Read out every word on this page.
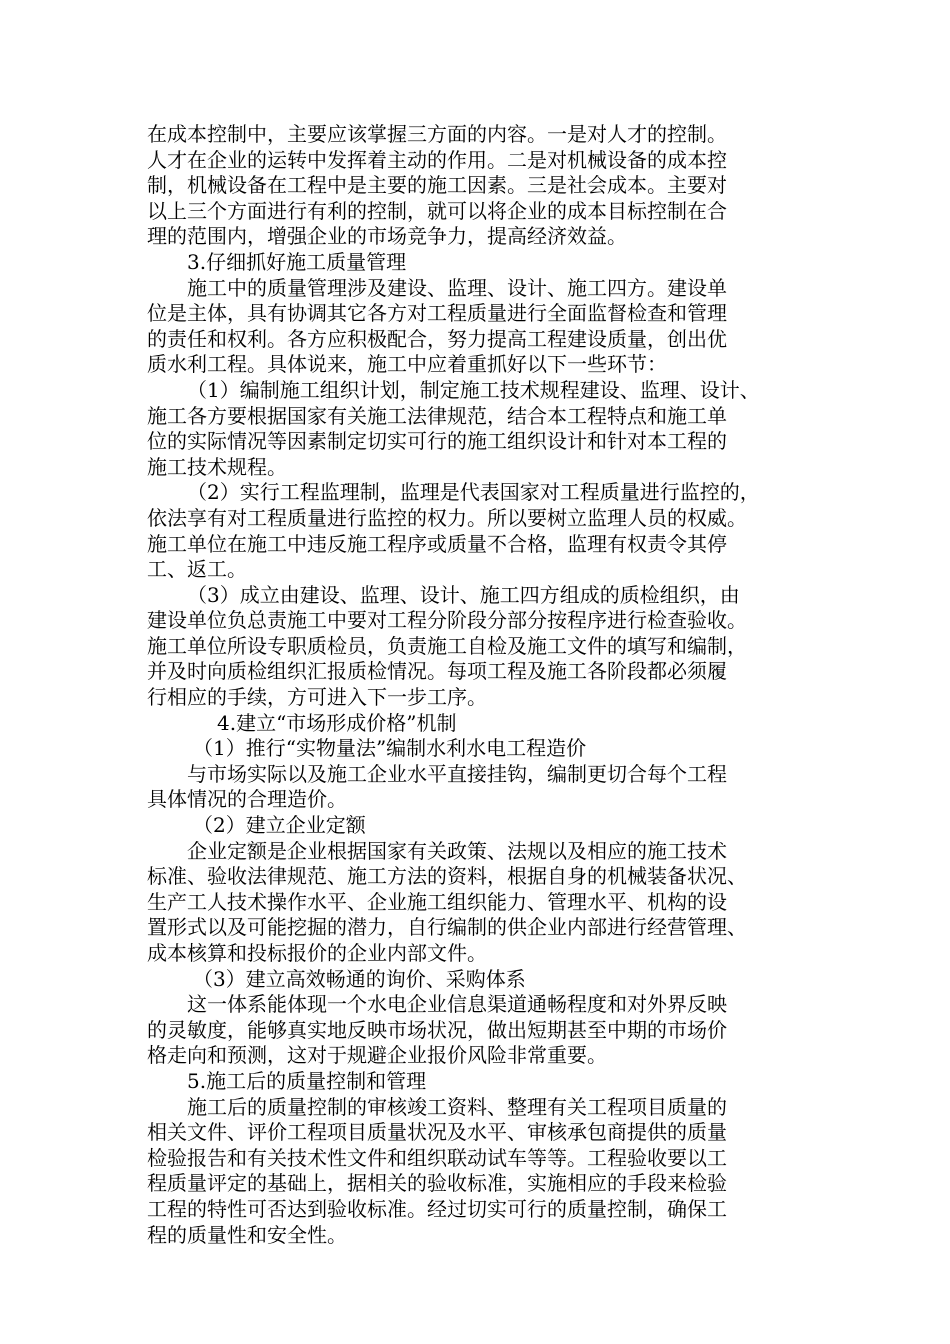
在成本控制中，主要应该掌握三方面的内容。一是对人才的控制。
人才在企业的运转中发挥着主动的作用。二是对机械设备的成本控
制，机械设备在工程中是主要的施工因素。三是社会成本。主要对
以上三个方面进行有利的控制，就可以将企业的成本目标控制在合
理的范围内，增强企业的市场竞争力，提高经济效益。
3.仔细抓好施工质量管理
施工中的质量管理涉及建设、监理、设计、施工四方。建设单
位是主体，具有协调其它各方对工程质量进行全面监督检查和管理
的责任和权利。各方应积极配合，努力提高工程建设质量，创出优
质水利工程。具体说来，施工中应着重抓好以下一些环节：
（1）编制施工组织计划，制定施工技术规程建设、监理、设计、
施工各方要根据国家有关施工法律规范，结合本工程特点和施工单
位的实际情况等因素制定切实可行的施工组织设计和针对本工程的
施工技术规程。
（2）实行工程监理制，监理是代表国家对工程质量进行监控的，
依法享有对工程质量进行监控的权力。所以要树立监理人员的权威。
施工单位在施工中违反施工程序或质量不合格，监理有权责令其停
工、返工。
（3）成立由建设、监理、设计、施工四方组成的质检组织，由
建设单位负总责施工中要对工程分阶段分部分按程序进行检查验收。
施工单位所设专职质检员，负责施工自检及施工文件的填写和编制，
并及时向质检组织汇报质检情况。每项工程及施工各阶段都必须履
行相应的手续，方可进入下一步工序。
4.建立“市场形成价格”机制
（1）推行“实物量法”编制水利水电工程造价
与市场实际以及施工企业水平直接挂钩，编制更切合每个工程
具体情况的合理造价。
（2）建立企业定额
企业定额是企业根据国家有关政策、法规以及相应的施工技术
标准、验收法律规范、施工方法的资料，根据自身的机械装备状况、
生产工人技术操作水平、企业施工组织能力、管理水平、机构的设
置形式以及可能挖掘的潜力，自行编制的供企业内部进行经营管理、
成本核算和投标报价的企业内部文件。
（3）建立高效畅通的询价、采购体系
这一体系能体现一个水电企业信息渠道通畅程度和对外界反映
的灵敏度，能够真实地反映市场状况，做出短期甚至中期的市场价
格走向和预测，这对于规避企业报价风险非常重要。
5.施工后的质量控制和管理
施工后的质量控制的审核竣工资料、整理有关工程项目质量的
相关文件、评价工程项目质量状况及水平、审核承包商提供的质量
检验报告和有关技术性文件和组织联动试车等等。工程验收要以工
程质量评定的基础上，据相关的验收标准，实施相应的手段来检验
工程的特性可否达到验收标准。经过切实可行的质量控制，确保工
程的质量性和安全性。
